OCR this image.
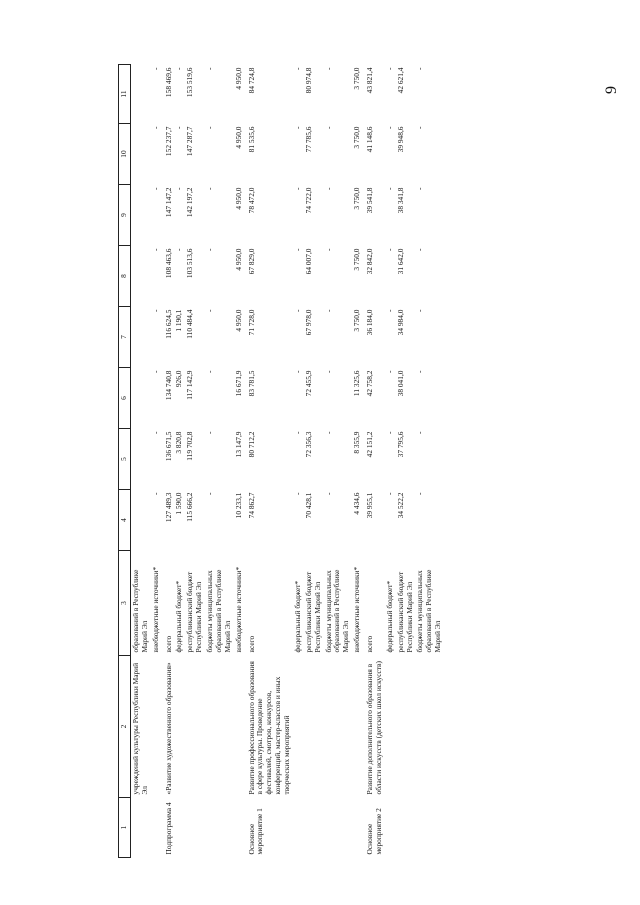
9
1	2	3	4	5	6	7	8	9	10	11
	учреждений культуры Республики Марий Эл	образований в Республике Марий Эл								
		внебюджетные источники*	-	-	-	-	-	-	-	-
Подпрограмма 4	«Развитие художественного образования»	всего	127 489,3	136 671,5	134 740,8	116 624,5	108 463,6	147 147,2	152 237,7	158 469,6
		федеральный бюджет*	1 590,0	3 820,8	926,0	1 190,1	-	-	-	-
		республиканский бюджет Республики Марий Эл	115 666,2	119 702,8	117 142,9	110 484,4	103 513,6	142 197,2	147 287,7	153 519,6
		бюджеты муниципальных образований в Республике Марий Эл	-	-	-	-	-	-	-	-
		внебюджетные источники*	10 233,1	13 147,9	16 671,9	4 950,0	4 950,0	4 950,0	4 950,0	4 950,0
Основное мероприятие 1	Развитие профессионального образования в сфере культуры. Проведение фестивалей, смотров, конкурсов, конференций, мастер-классов и иных творческих мероприятий	всего	74 862,7	80 712,2	83 781,5	71 728,0	67 829,0	78 472,0	81 535,6	84 724,8
		федеральный бюджет*	-	-	-	-	-	-	-	-
		республиканский бюджет Республики Марий Эл	70 428,1	72 356,3	72 455,9	67 978,0	64 007,0	74 722,0	77 785,6	80 974,8
		бюджеты муниципальных образований в Республике Марий Эл	-	-	-	-	-	-	-	-
		внебюджетные источники*	4 434,6	8 355,9	11 325,6	3 750,0	3 750,0	3 750,0	3 750,0	3 750,0
Основное мероприятие 2	Развитие дополнительного образования в области искусств (детских школ искусств)	всего	39 955,1	42 151,2	42 758,2	36 184,0	32 842,0	39 541,8	41 148,6	43 821,4
		федеральный бюджет*	-	-	-	-	-	-	-	-
		республиканский бюджет Республики Марий Эл	34 522,2	37 795,6	38 041,0	34 984,0	31 642,0	38 341,8	39 948,6	42 621,4
		бюджеты муниципальных образований в Республике Марий Эл	-	-	-	-	-	-	-	-
